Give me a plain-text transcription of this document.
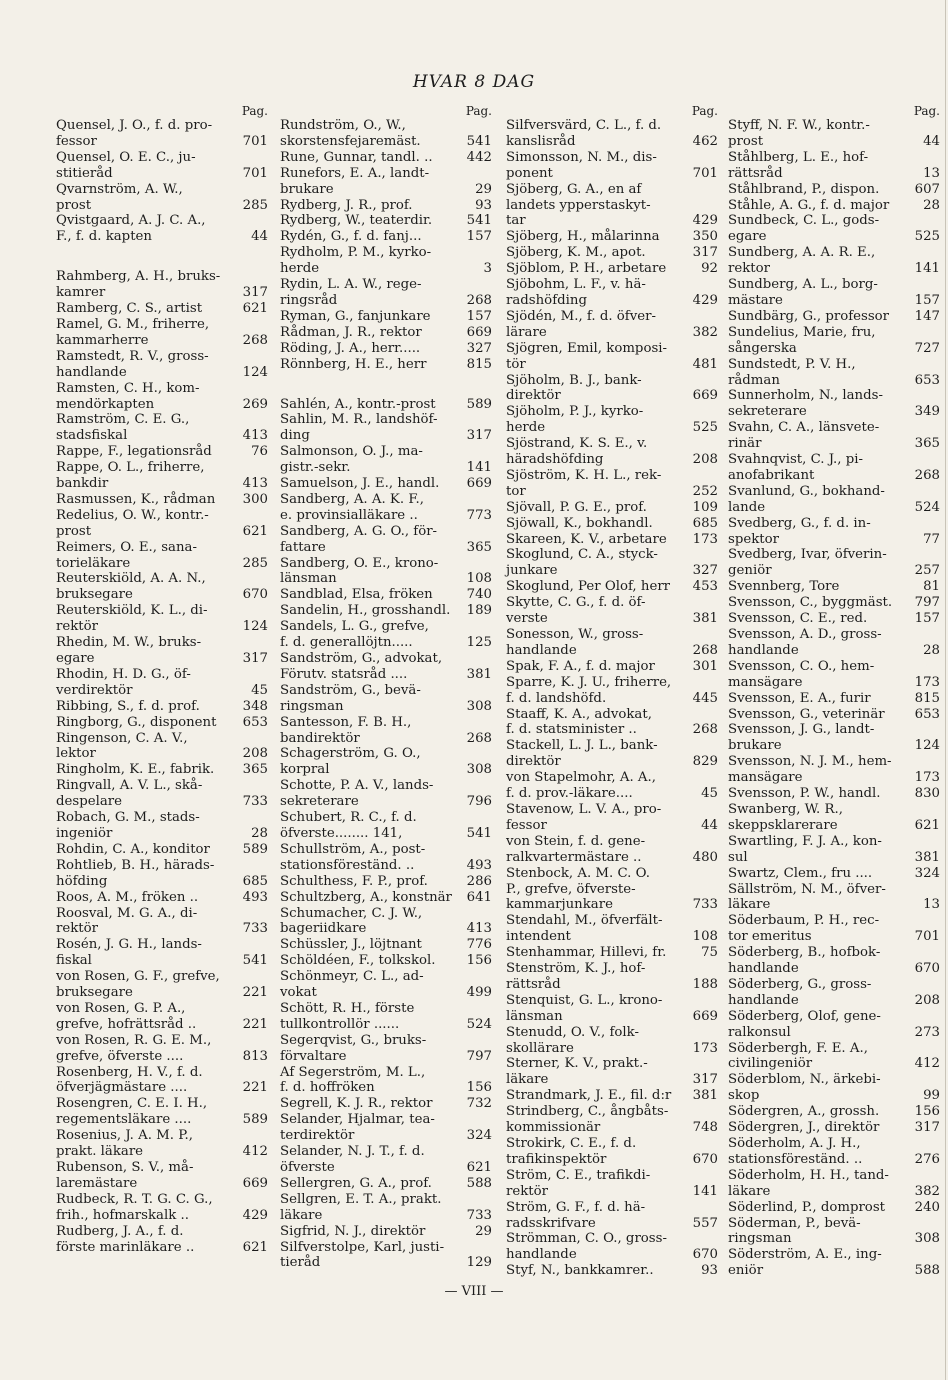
HVAR 8 DAG
Pag.
Quensel, J. O., f. d. pro-
fessor	701
Quensel, O. E. C., ju-
stitieråd	701
Qvarnström, A. W.,
prost	285
Qvistgaard, A. J. C. A.,
F., f. d. kapten	44
Rahmberg, A. H., bruks-
kamrer	317
Ramberg, C. S., artist	621
Ramel, G. M., friherre,
kammarherre	268
Ramstedt, R. V., gross-
handlande	124
Ramsten, C. H., kom-
mendörkapten	269
Ramström, C. E. G.,
stadsfiskal	413
Rappe, F., legationsråd	76
Rappe, O. L., friherre,
bankdir	413
Rasmussen, K., rådman 300
Redelius, O. W., kontr.-
prost	621
Reimers, O. E., sana-
torieläkare	285
Reuterskiöld, A. A. N.,
bruksegare	670
Reuterskiöld, K. L., di-
rektör	124
Rhedin, M. W., bruks-
egare	317
Rhodin, H. D. G., öf-
verdirektör	45
Ribbing, S., f. d. prof.	348
Ringborg, G., disponent 653
Ringenson, C. A. V.,
lektor	208
Ringholm, K. E., fabrik. 365
Ringvall, A. V. L., skå-
despelare	733
Robach, G. M., stads-
ingeniör	28
Rohdin, C. A., konditor 589
Rohtlieb, B. H., härads-
höfding	685
Roos, A. M., fröken ..	493
Roosval, M. G. A., di-
rektör	733
Rosén, J. G. H., lands-
fiskal	541
von Rosen, G. F., grefve,
bruksegare	221
von Rosen, G. P. A.,
grefve, hofrättsråd ..	221
von Rosen, R. G. E. M.,
grefve, öfverste ....	813
Rosenberg, H. V., f. d.
öfverjägmästare ....	221
Rosengren, C. E. I. H.,
regementsläkare ....	589
Rosenius, J. A. M. P.,
prakt. läkare	412
Rubenson, S. V., må-
laremästare	669
Rudbeck, R. T. G. C. G.,
frih., hofmarskalk ..	429
Rudberg, J. A., f. d.
förste marinläkare ..	621
Pag.
Rundström, O., W.,
skorstensfejaremäst.	541
Rune, Gunnar, tandl. ..	442
Runefors, E. A., landt-
brukare	29
Rydberg, J. R., prof.	93
Rydberg, W., teaterdir.	541
Rydén, G., f. d. fanj...	157
Rydholm, P. M., kyrko-
herde	3
Rydin, L. A. W., rege-
ringsråd	268
Ryman, G., fanjunkare	157
Rådman, J. R., rektor	669
Röding, J. A., herr.....	327
Rönnberg, H. E., herr	815
Sahlén, A., kontr.-prost 589
Sahlin, M. R., landshöf-
ding	317
Salmonson, O. J., ma-
gistr.-sekr.	141
Samuelson, J. E., handl. 669
Sandberg, A. A. K. F.,
e. provinsialläkare ..	773
Sandberg, A. G. O., för-
fattare	365
Sandberg, O. E., krono-
länsman	108
Sandblad, Elsa, fröken	740
Sandelin, H., grosshandl. 189
Sandels, L. G., grefve,
f. d. generallöjtn.....	125
Sandström, G., advokat,
Förutv. statsråd ....	381
Sandström, G., bevä-
ringsman	308
Santesson, F. B. H.,
bandirektör	268
Schagerström, G. O.,
korpral	308
Schotte, P. A. V., lands-
sekreterare	796
Schubert, R. C., f. d.
öfverste........ 141,	541
Schullström, A., post-
stationsföreständ. ..	493
Schulthess, F. P., prof.	286
Schultzberg, A., konstnär 641
Schumacher, C. J. W.,
bageriidkare	413
Schüssler, J., löjtnant	776
Schöldéen, F., tolkskol. 156
Schönmeyr, C. L., ad-
vokat	499
Schött, R. H., förste
tullkontrollör ......	524
Segerqvist, G., bruks-
förvaltare	797
Af Segerström, M. L.,
f. d. hoffröken	156
Segrell, K. J. R., rektor	732
Selander, Hjalmar, tea-
terdirektör	324
Selander, N. J. T., f. d.
öfverste	621
Sellergren, G. A., prof.	588
Sellgren, E. T. A., prakt.
läkare	733
Sigfrid, N. J., direktör	29
Silfverstolpe, Karl, justi-
tieråd	129
Pag.
Silfversvärd, C. L., f. d.
kanslisråd	462
Simonsson, N. M., dis-
ponent	701
Sjöberg, G. A., en af
landets ypperstaskyt-
tar	429
Sjöberg, H., målarinna 350
Sjöberg, K. M., apot.	317
Sjöblom, P. H., arbetare	92
Sjöbohm, L. F., v. hä-
radshöfding	429
Sjödén, M., f. d. öfver-
lärare	382
Sjögren, Emil, komposi-
tör	481
Sjöholm, B. J., bank-
direktör	669
Sjöholm, P. J., kyrko-
herde	525
Sjöstrand, K. S. E., v.
häradshöfding	208
Sjöström, K. H. L., rek-
tor	252
Sjövall, P. G. E., prof.	109
Sjöwall, K., bokhandl.	685
Skareen, K. V., arbetare 173
Skoglund, C. A., styck-
junkare	327
Skoglund, Per Olof, herr 453
Skytte, C. G., f. d. öf-
verste	381
Sonesson, W., gross-
handlande	268
Spak, F. A., f. d. major	301
Sparre, K. J. U., friherre,
f. d. landshöfd.	445
Staaff, K. A., advokat,
f. d. statsminister ..	268
Stackell, L. J. L., bank-
direktör	829
von Stapelmohr, A. A.,
f. d. prov.-läkare....	45
Stavenow, L. V. A., pro-
fessor	44
von Stein, f. d. gene-
ralkvartermästare ..	480
Stenbock, A. M. C. O.
P., grefve, öfverste-
kammarjunkare	733
Stendahl, M., öfverfält-
intendent	108
Stenhammar, Hillevi, fr.	75
Stenström, K. J., hof-
rättsråd	188
Stenquist, G. L., krono-
länsman	669
Stenudd, O. V., folk-
skollärare	173
Sterner, K. V., prakt.-
läkare	317
Strandmark, J. E., fil. d:r 381
Strindberg, C., ångbåts-
kommissionär	748
Strokirk, C. E., f. d.
trafikinspektör	670
Ström, C. E., trafikdi-
rektör	141
Ström, G. F., f. d. hä-
radsskrifvare	557
Strömman, C. O., gross-
handlande	670
Styf, N., bankkamrer..	93
Pag.
Styff, N. F. W., kontr.-
prost	44
Ståhlberg, L. E., hof-
rättsråd	13
Ståhlbrand, P., dispon.	607
Ståhle, A. G., f. d. major	28
Sundbeck, C. L., gods-
egare	525
Sundberg, A. A. R. E.,
rektor	141
Sundberg, A. L., borg-
mästare	157
Sundbärg, G., professor 147
Sundelius, Marie, fru,
sångerska	727
Sundstedt, P. V. H.,
rådman	653
Sunnerholm, N., lands-
sekreterare	349
Svahn, C. A., länsvete-
rinär	365
Svahnqvist, C. J., pi-
anofabrikant	268
Svanlund, G., bokhand-
lande	524
Svedberg, G., f. d. in-
spektor	77
Svedberg, Ivar, öfverin-
geniör	257
Svennberg, Tore	81
Svensson, C., byggmäst. 797
Svensson, C. E., red.	157
Svensson, A. D., gross-
handlande	28
Svensson, C. O., hem-
mansägare	173
Svensson, E. A., furir	815
Svensson, G., veterinär 653
Svensson, J. G., landt-
brukare	124
Svensson, N. J. M., hem-
mansägare	173
Svensson, P. W., handl.	830
Swanberg, W. R.,
skeppsklarerare	621
Swartling, F. J. A., kon-
sul	381
Swartz, Clem., fru ....	324
Sällström, N. M., öfver-
läkare	13
Söderbaum, P. H., rec-
tor emeritus	701
Söderberg, B., hofbok-
handlande	670
Söderberg, G., gross-
handlande	208
Söderberg, Olof, gene-
ralkonsul	273
Söderbergh, F. E. A.,
civilingeniör	412
Söderblom, N., ärkebi-
skop	99
Södergren, A., grossh.	156
Södergren, J., direktör	317
Söderholm, A. J. H.,
stationsföreständ. ..	276
Söderholm, H. H., tand-
läkare	382
Söderlind, P., domprost 240
Söderman, P., bevä-
ringsman	308
Söderström, A. E., ing-
eniör	588
— VIII —
